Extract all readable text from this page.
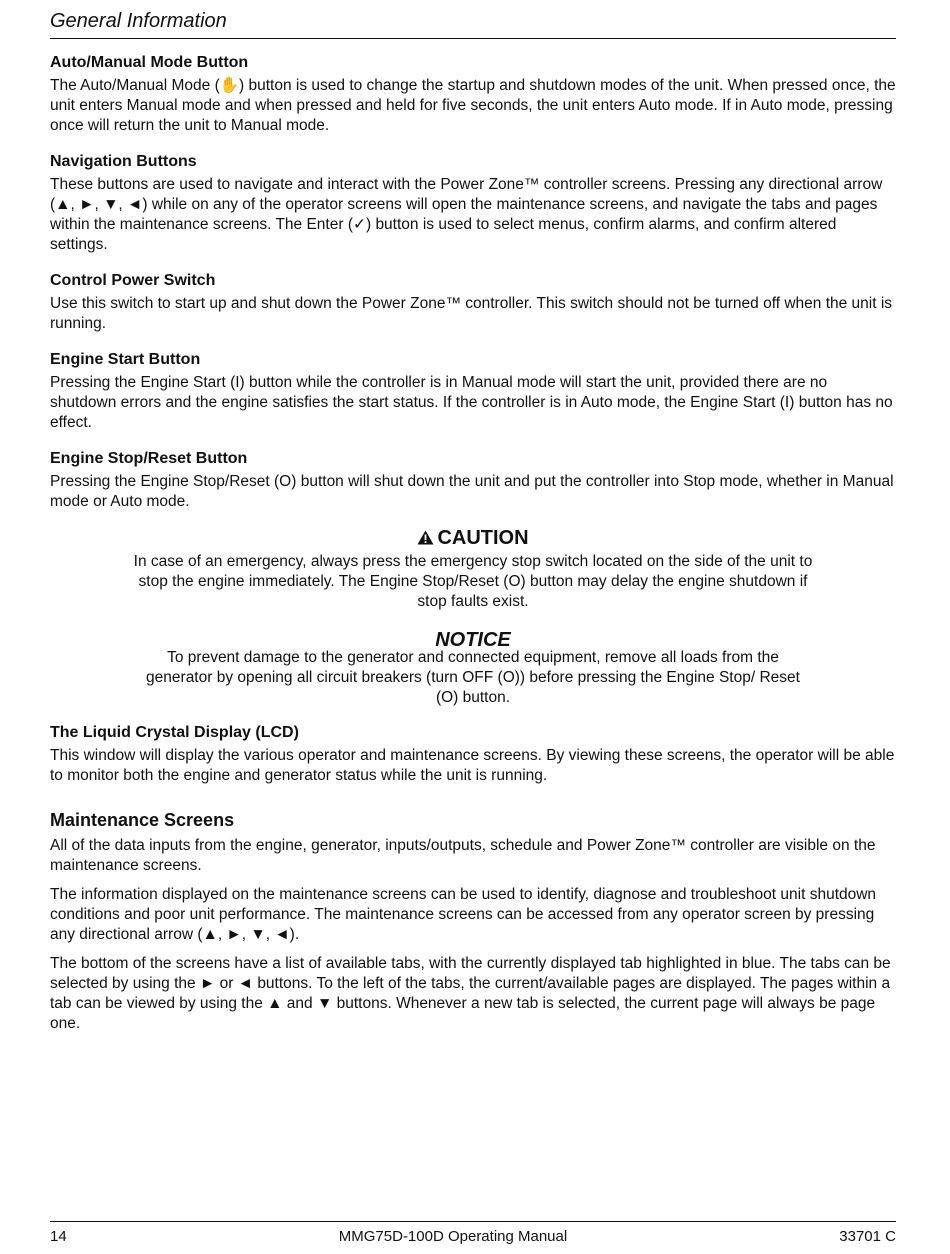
General Information
Auto/Manual Mode Button
The Auto/Manual Mode (✋) button is used to change the startup and shutdown modes of the unit. When pressed once, the unit enters Manual mode and when pressed and held for five seconds, the unit enters Auto mode. If in Auto mode, pressing once will return the unit to Manual mode.
Navigation Buttons
These buttons are used to navigate and interact with the Power Zone™ controller screens. Pressing any directional arrow (▲, ►, ▼, ◄) while on any of the operator screens will open the maintenance screens, and navigate the tabs and pages within the maintenance screens. The Enter (✓) button is used to select menus, confirm alarms, and confirm altered settings.
Control Power Switch
Use this switch to start up and shut down the Power Zone™ controller. This switch should not be turned off when the unit is running.
Engine Start Button
Pressing the Engine Start (I) button while the controller is in Manual mode will start the unit, provided there are no shutdown errors and the engine satisfies the start status. If the controller is in Auto mode, the Engine Start (I) button has no effect.
Engine Stop/Reset Button
Pressing the Engine Stop/Reset (O) button will shut down the unit and put the controller into Stop mode, whether in Manual mode or Auto mode.
CAUTION
In case of an emergency, always press the emergency stop switch located on the side of the unit to stop the engine immediately. The Engine Stop/Reset (O) button may delay the engine shutdown if stop faults exist.
NOTICE
To prevent damage to the generator and connected equipment, remove all loads from the generator by opening all circuit breakers (turn OFF (O)) before pressing the Engine Stop/ Reset (O) button.
The Liquid Crystal Display (LCD)
This window will display the various operator and maintenance screens. By viewing these screens, the operator will be able to monitor both the engine and generator status while the unit is running.
Maintenance Screens
All of the data inputs from the engine, generator, inputs/outputs, schedule and Power Zone™ controller are visible on the maintenance screens.
The information displayed on the maintenance screens can be used to identify, diagnose and troubleshoot unit shutdown conditions and poor unit performance. The maintenance screens can be accessed from any operator screen by pressing any directional arrow (▲, ►, ▼, ◄).
The bottom of the screens have a list of available tabs, with the currently displayed tab highlighted in blue. The tabs can be selected by using the ► or ◄ buttons. To the left of the tabs, the current/available pages are displayed. The pages within a tab can be viewed by using the ▲ and ▼ buttons. Whenever a new tab is selected, the current page will always be page one.
14	MMG75D-100D Operating Manual	33701 C
